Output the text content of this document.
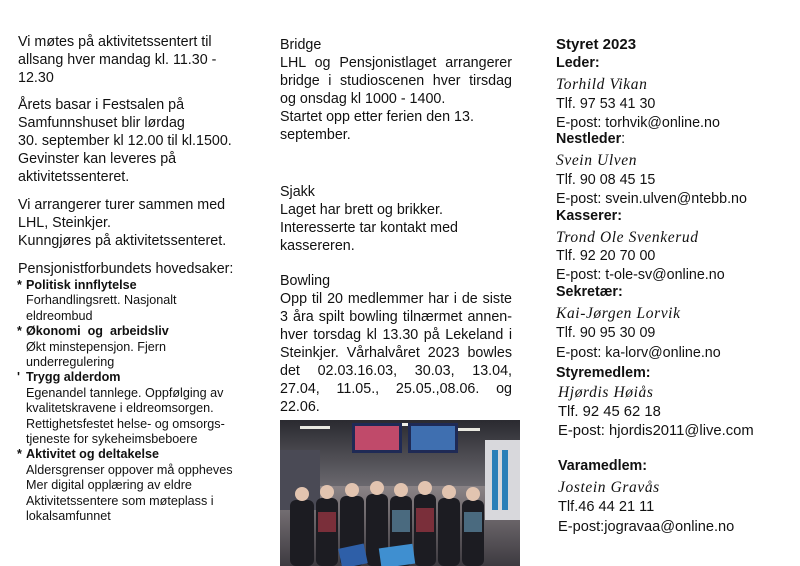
Vi møtes på aktivitetssentert til
allsang hver mandag kl. 11.30 -
12.30
Årets basar i Festsalen på
Samfunnshuset blir lørdag
30. september kl 12.00 til kl.1500.
Gevinster kan leveres på
aktivitetssenteret.
Vi arrangerer turer sammen med
LHL, Steinkjer.
Kunngjøres på aktivitetssenteret.
Pensjonistforbundets hovedsaker:
* Politisk innflytelse
Forhandlingsrett. Nasjonalt
eldreombud
* Økonomi  og  arbeidsliv
Økt minstepensjon. Fjern
underregulering
' Trygg alderdom
Egenandel tannlege. Oppfølging av
kvalitetskravene i eldreomsorgen.
Rettighetsfestet helse- og omsorgs-
tjeneste for sykeheimsbeboere
* Aktivitet og deltakelse
Aldersgrenser oppover må oppheves
Mer digital opplæring av eldre
Aktivitetssentere som møteplass i
lokalsamfunnet
Bridge
LHL og Pensjonistlaget arrangerer bridge i studioscenen hver tirsdag og onsdag kl 1000 - 1400.
Startet opp etter ferien den 13. september.
Sjakk
Laget har brett og brikker. Interesserte tar kontakt med kassereren.
Bowling
Opp til 20 medlemmer har i de siste 3 åra spilt bowling tilnærmet annen-hver torsdag kl 13.30 på Lekeland i Steinkjer. Vårhalvåret 2023 bowles det 02.03.16.03, 30.03, 13.04, 27.04, 11.05., 25.05.,08.06. og 22.06.
Styret 2023
Leder:
Torhild Vikan
Tlf. 97 53 41 30
E-post: torhvik@online.no
Nestleder:
Svein Ulven
Tlf. 90 08 45 15
E-post: svein.ulven@ntebb.no
Kasserer:
Trond Ole Svenkerud
Tlf. 92 20 70 00
E-post: t-ole-sv@online.no
Sekretær:
Kai-Jørgen Lorvik
Tlf. 90 95 30 09
E-post: ka-lorv@online.no
Styremedlem:
Hjørdis Høiås
Tlf. 92 45 62 18
E-post: hjordis2011@live.com
Varamedlem:
Jostein Gravås
Tlf.46 44 21 11
E-post:jogravaa@online.no
